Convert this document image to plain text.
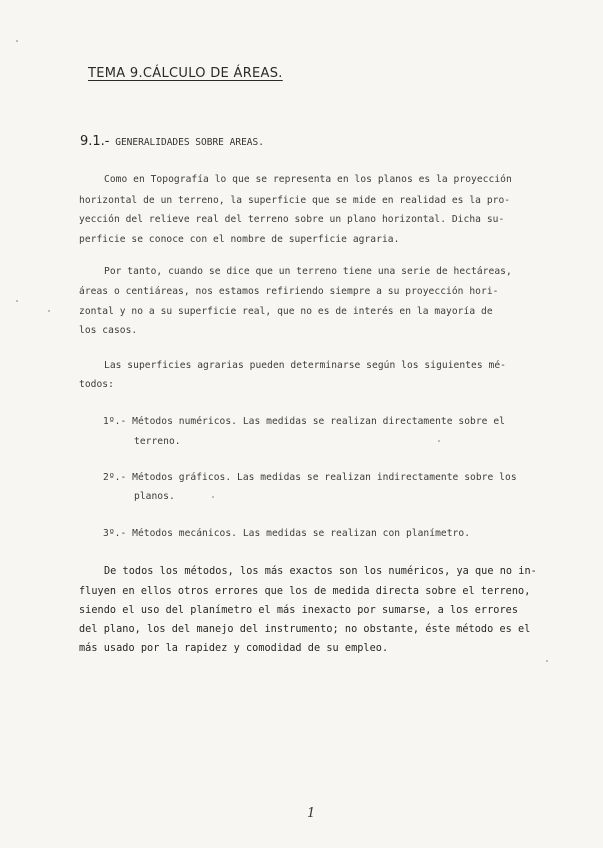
TEMA 9.CÁLCULO DE ÁREAS.
9.1.- GENERALIDADES SOBRE AREAS.
Como en Topografía lo que se representa en los planos es la proyección
horizontal de un terreno, la superficie que se mide en realidad es la pro-
yección del relieve real del terreno sobre un plano horizontal. Dicha su-
perficie se conoce con el nombre de superficie agraria.
Por tanto, cuando se dice que un terreno tiene una serie de hectáreas,
áreas o centiáreas, nos estamos refiriendo siempre a su proyección hori-
zontal y no a su superficie real, que no es de interés en la mayoría de
los casos.
Las superficies agrarias pueden determinarse según los siguientes mé-
todos:
1º.- Métodos numéricos. Las medidas se realizan directamente sobre el
terreno.
2º.- Métodos gráficos. Las medidas se realizan indirectamente sobre los
planos.
3º.- Métodos mecánicos. Las medidas se realizan con planímetro.
De todos los métodos, los más exactos son los numéricos, ya que no in-
fluyen en ellos otros errores que los de medida directa sobre el terreno,
siendo el uso del planímetro el más inexacto por sumarse, a los errores
del plano, los del manejo del instrumento; no obstante, éste método es el
más usado por la rapidez y comodidad de su empleo.
1
